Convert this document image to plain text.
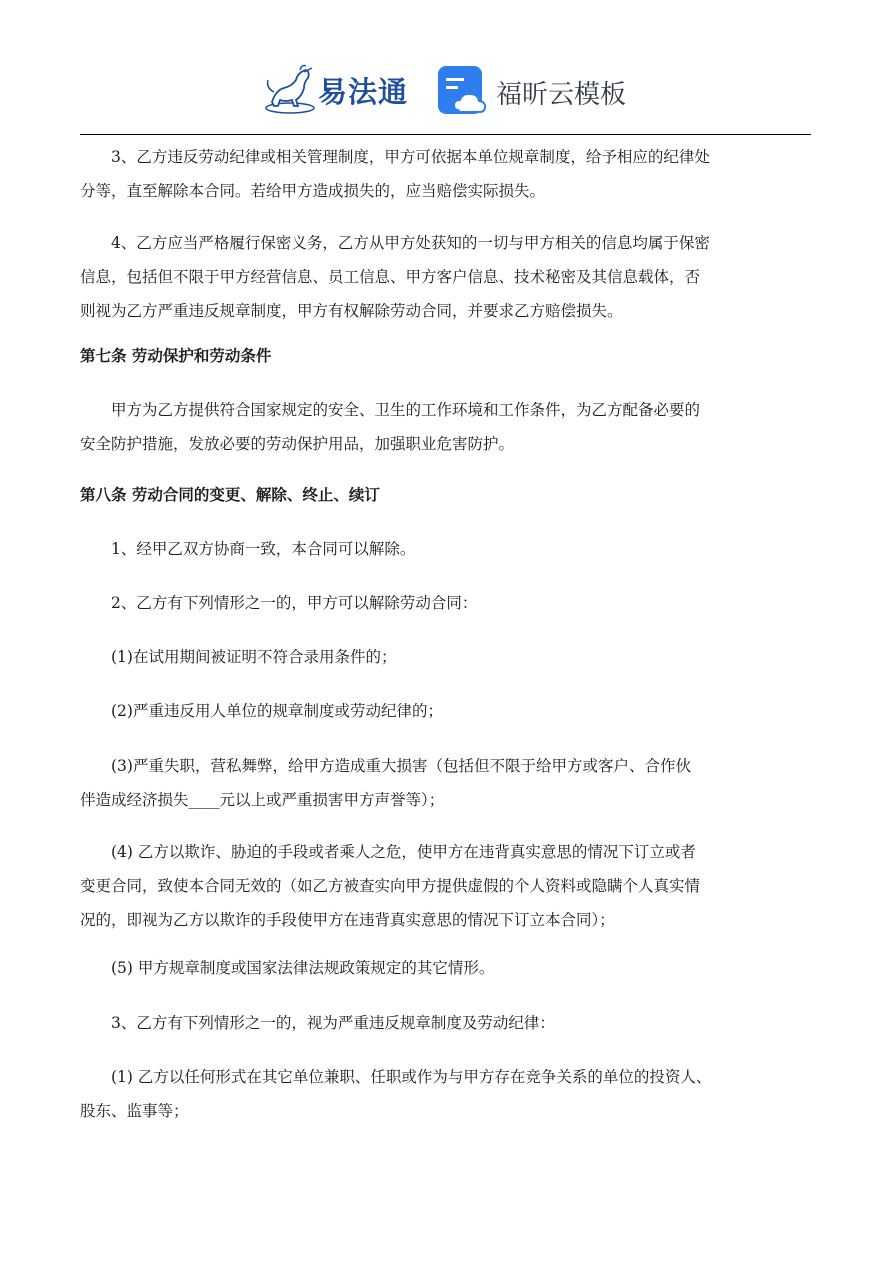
易法通	福昕云模板

　　3、乙方违反劳动纪律或相关管理制度，甲方可依据本单位规章制度，给予相应的纪律处
分等，直至解除本合同。若给甲方造成损失的，应当赔偿实际损失。

　　4、乙方应当严格履行保密义务，乙方从甲方处获知的一切与甲方相关的信息均属于保密
信息，包括但不限于甲方经营信息、员工信息、甲方客户信息、技术秘密及其信息载体，否
则视为乙方严重违反规章制度，甲方有权解除劳动合同，并要求乙方赔偿损失。

第七条 劳动保护和劳动条件

　　甲方为乙方提供符合国家规定的安全、卫生的工作环境和工作条件，为乙方配备必要的
安全防护措施，发放必要的劳动保护用品，加强职业危害防护。

第八条 劳动合同的变更、解除、终止、续订

　　1、经甲乙双方协商一致，本合同可以解除。

　　2、乙方有下列情形之一的，甲方可以解除劳动合同：

　　(1)在试用期间被证明不符合录用条件的；

　　(2)严重违反用人单位的规章制度或劳动纪律的；

　　(3)严重失职，营私舞弊，给甲方造成重大损害（包括但不限于给甲方或客户、合作伙
伴造成经济损失____元以上或严重损害甲方声誉等）；

　　(4) 乙方以欺诈、胁迫的手段或者乘人之危，使甲方在违背真实意思的情况下订立或者
变更合同，致使本合同无效的（如乙方被查实向甲方提供虚假的个人资料或隐瞒个人真实情
况的，即视为乙方以欺诈的手段使甲方在违背真实意思的情况下订立本合同）；

　　(5) 甲方规章制度或国家法律法规政策规定的其它情形。

　　3、乙方有下列情形之一的，视为严重违反规章制度及劳动纪律：

　　(1) 乙方以任何形式在其它单位兼职、任职或作为与甲方存在竞争关系的单位的投资人、
股东、监事等；
